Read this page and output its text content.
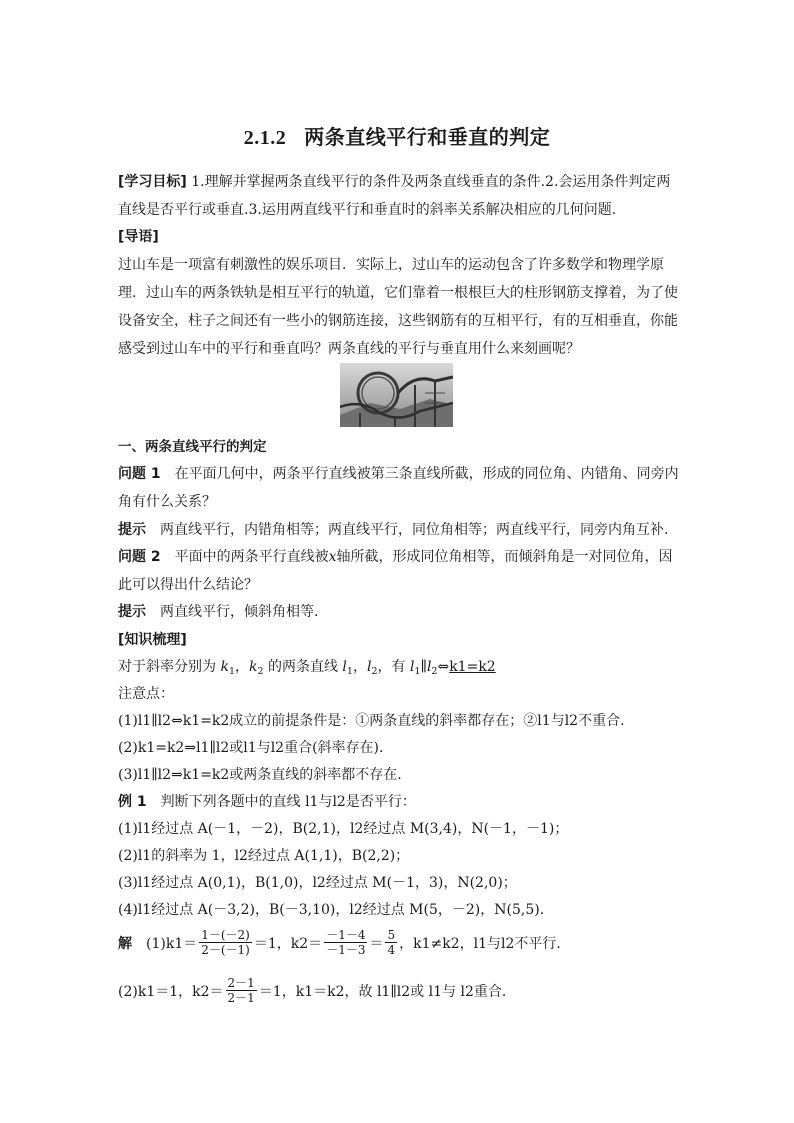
2.1.2 两条直线平行和垂直的判定
[学习目标] 1.理解并掌握两条直线平行的条件及两条直线垂直的条件.2.会运用条件判定两
直线是否平行或垂直.3.运用两直线平行和垂直时的斜率关系解决相应的几何问题.
[导语]
过山车是一项富有刺激性的娱乐项目．实际上，过山车的运动包含了许多数学和物理学原
理．过山车的两条铁轨是相互平行的轨道，它们靠着一根根巨大的柱形钢筋支撑着，为了使
设备安全，柱子之间还有一些小的钢筋连接，这些钢筋有的互相平行，有的互相垂直，你能
感受到过山车中的平行和垂直吗？两条直线的平行与垂直用什么来刻画呢？
一、两条直线平行的判定
问题 1　在平面几何中，两条平行直线被第三条直线所截，形成的同位角、内错角、同旁内
角有什么关系？
提示　两直线平行，内错角相等；两直线平行，同位角相等；两直线平行，同旁内角互补.
问题 2　平面中的两条平行直线被x轴所截，形成同位角相等，而倾斜角是一对同位角，因
此可以得出什么结论？
提示　两直线平行，倾斜角相等.
[知识梳理]
对于斜率分别为 $k_1$，$k_2$ 的两条直线 $l_1$，$l_2$，有 $l_1\parallel l_2\Leftrightarrow k1=k2$
注意点：
(1)l1∥l2⇔k1=k2成立的前提条件是：①两条直线的斜率都存在；②l1与l2不重合.
(2)k1=k2⇒l1∥l2或l1与l2重合(斜率存在).
(3)l1∥l2⇒k1=k2或两条直线的斜率都不存在.
例 1　判断下列各题中的直线 l1与l2是否平行：
(1)l1经过点 A(－1，－2)，B(2,1)，l2经过点 M(3,4)，N(－1，－1)；
(2)l1的斜率为 1，l2经过点 A(1,1)，B(2,2)；
(3)l1经过点 A(0,1)，B(1,0)，l2经过点 M(－1，3)，N(2,0)；
(4)l1经过点 A(－3,2)，B(－3,10)，l2经过点 M(5，－2)，N(5,5).
解 　$(1)k1= \frac{1-(-2)}{2-(-1)} =1$，$k2= \frac{-1-4}{-1-3} = \frac{5}{4}$ ，k1≠k2，l1与l2不平行．
(2)k1＝1，$k2= \frac{2-1}{2-1} =1$，k1＝k2，故 l1∥l2或 l1与 l2重合．
